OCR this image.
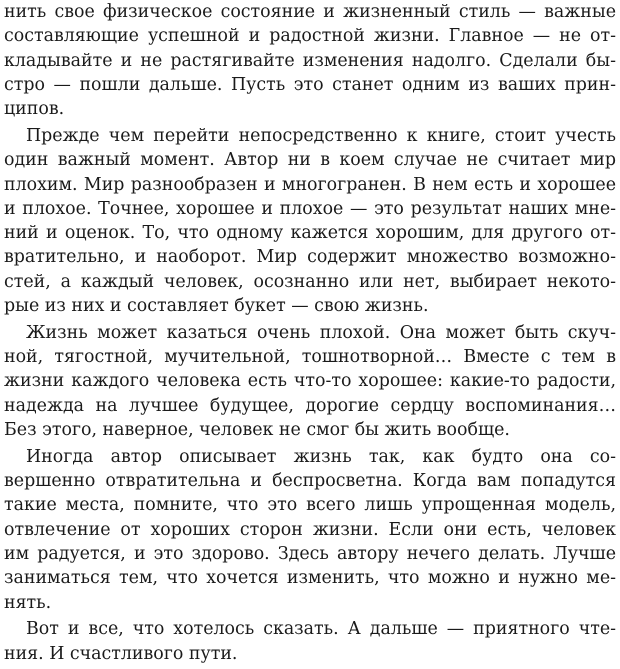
нить свое физическое состояние и жизненный стиль — важные
составляющие успешной и радостной жизни. Главное — не от-
кладывайте и не растягивайте изменения надолго. Сделали бы-
стро — пошли дальше. Пусть это станет одним из ваших прин-
ципов.
Прежде чем перейти непосредственно к книге, стоит учесть
один важный момент. Автор ни в коем случае не считает мир
плохим. Мир разнообразен и многогранен. В нем есть и хорошее
и плохое. Точнее, хорошее и плохое — это результат наших мне-
ний и оценок. То, что одному кажется хорошим, для другого от-
вратительно, и наоборот. Мир содержит множество возможно-
стей, а каждый человек, осознанно или нет, выбирает некото-
рые из них и составляет букет — свою жизнь.
Жизнь может казаться очень плохой. Она может быть скуч-
ной, тягостной, мучительной, тошнотворной… Вместе с тем в
жизни каждого человека есть что-то хорошее: какие-то радости,
надежда на лучшее будущее, дорогие сердцу воспоминания…
Без этого, наверное, человек не смог бы жить вообще.
Иногда автор описывает жизнь так, как будто она со-
вершенно отвратительна и беспросветна. Когда вам попадутся
такие места, помните, что это всего лишь упрощенная модель,
отвлечение от хороших сторон жизни. Если они есть, человек
им радуется, и это здорово. Здесь автору нечего делать. Лучше
заниматься тем, что хочется изменить, что можно и нужно ме-
нять.
Вот и все, что хотелось сказать. А дальше — приятного чте-
ния. И счастливого пути.
